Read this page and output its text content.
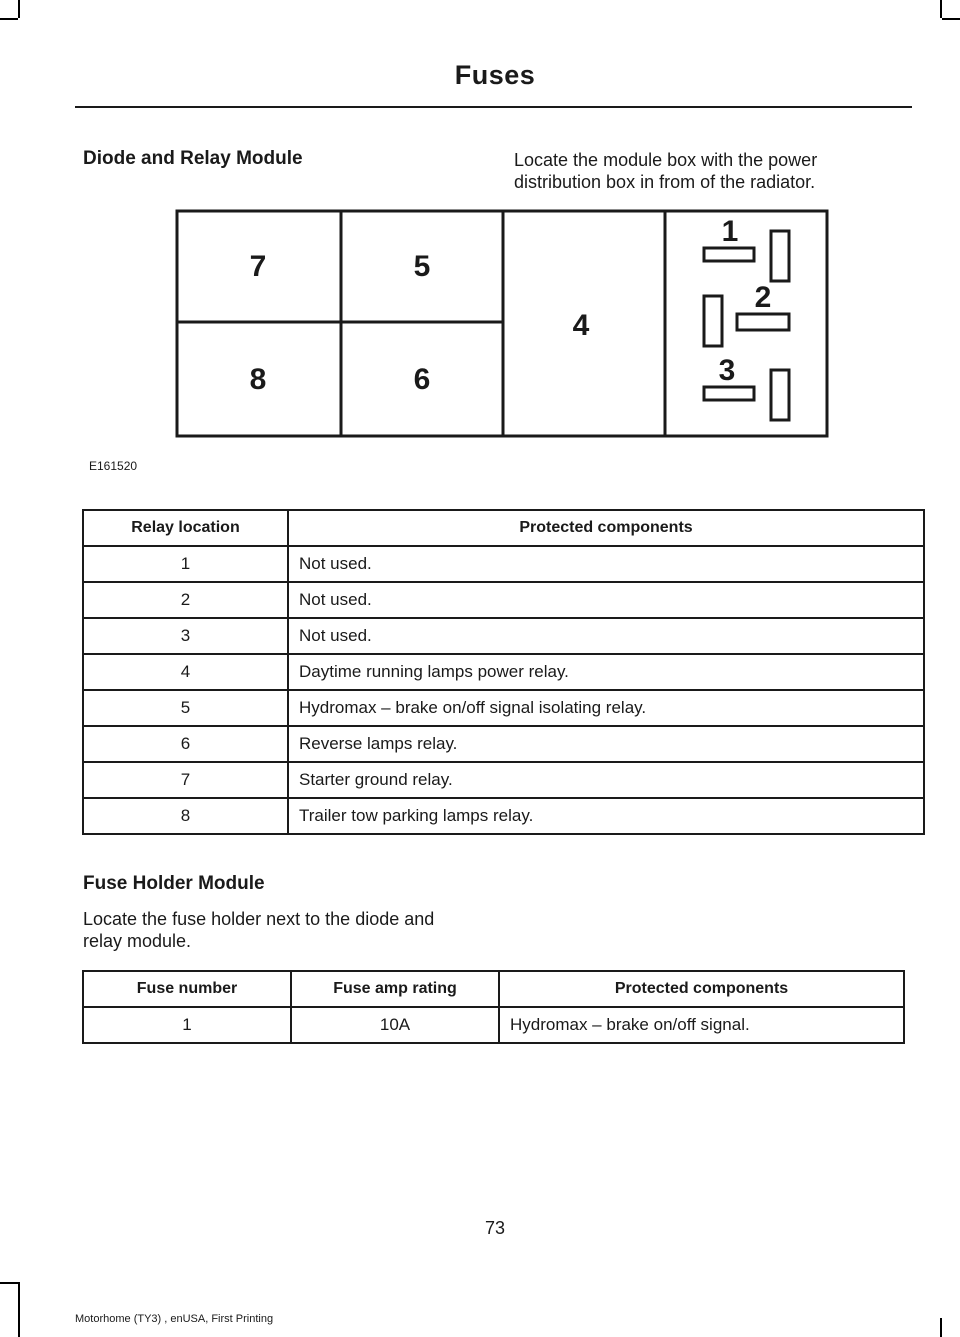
Fuses
Diode and Relay Module	Locate the module box with the power distribution box in from of the radiator.
7	5
8	6
4
1
2
3
E161520
Relay location	Protected components
1	Not used.
2	Not used.
3	Not used.
4	Daytime running lamps power relay.
5	Hydromax – brake on/off signal isolating relay.
6	Reverse lamps relay.
7	Starter ground relay.
8	Trailer tow parking lamps relay.
Fuse Holder Module
Locate the fuse holder next to the diode and relay module.
Fuse number	Fuse amp rating	Protected components
1	10A	Hydromax – brake on/off signal.
73
Motorhome (TY3) , enUSA, First Printing
